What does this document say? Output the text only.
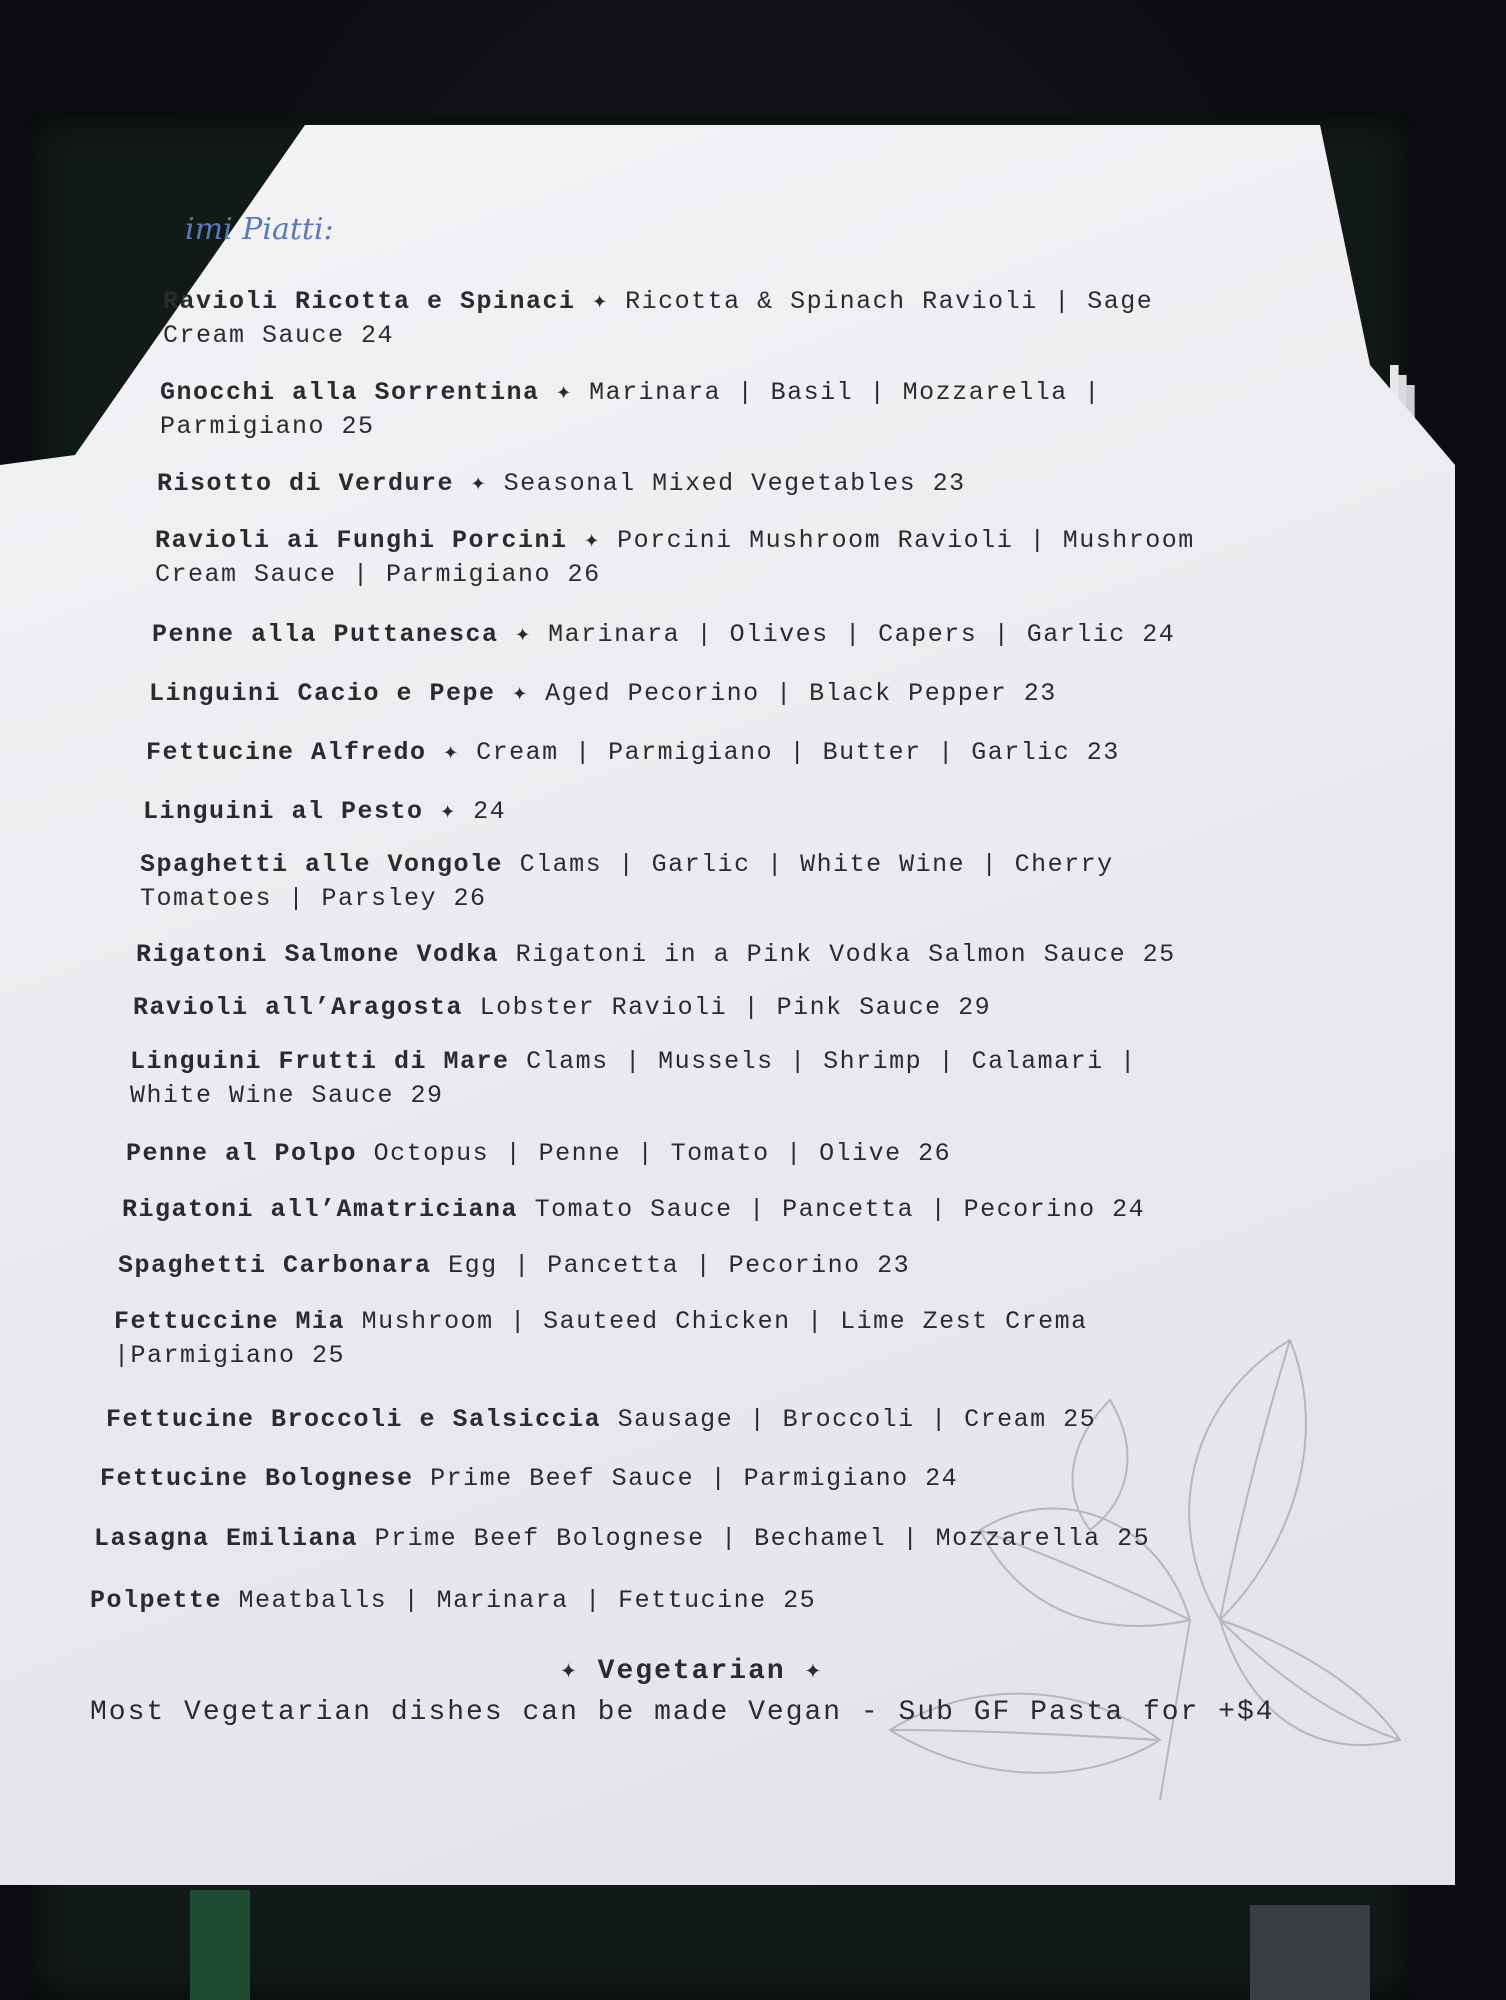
imi Piatti:
Ravioli Ricotta e Spinaci ✦ Ricotta & Spinach Ravioli | Sage
Cream Sauce 24
Gnocchi alla Sorrentina ✦ Marinara | Basil | Mozzarella |
Parmigiano 25
Risotto di Verdure ✦ Seasonal Mixed Vegetables 23
Ravioli ai Funghi Porcini ✦ Porcini Mushroom Ravioli | Mushroom
Cream Sauce | Parmigiano 26
Penne alla Puttanesca ✦ Marinara | Olives | Capers | Garlic 24
Linguini Cacio e Pepe ✦ Aged Pecorino | Black Pepper 23
Fettucine Alfredo ✦ Cream | Parmigiano | Butter | Garlic 23
Linguini al Pesto ✦ 24
Spaghetti alle Vongole Clams | Garlic | White Wine | Cherry
Tomatoes | Parsley 26
Rigatoni Salmone Vodka Rigatoni in a Pink Vodka Salmon Sauce 25
Ravioli all’Aragosta Lobster Ravioli | Pink Sauce 29
Linguini Frutti di Mare Clams | Mussels | Shrimp | Calamari |
White Wine Sauce 29
Penne al Polpo Octopus | Penne | Tomato | Olive 26
Rigatoni all’Amatriciana Tomato Sauce | Pancetta | Pecorino 24
Spaghetti Carbonara Egg | Pancetta | Pecorino 23
Fettuccine Mia Mushroom | Sauteed Chicken | Lime Zest Crema
|Parmigiano 25
Fettucine Broccoli e Salsiccia Sausage | Broccoli | Cream 25
Fettucine Bolognese Prime Beef Sauce | Parmigiano 24
Lasagna Emiliana Prime Beef Bolognese | Bechamel | Mozzarella 25
Polpette Meatballs | Marinara | Fettucine 25
✦ Vegetarian ✦
Most Vegetarian dishes can be made Vegan - Sub GF Pasta for +$4
